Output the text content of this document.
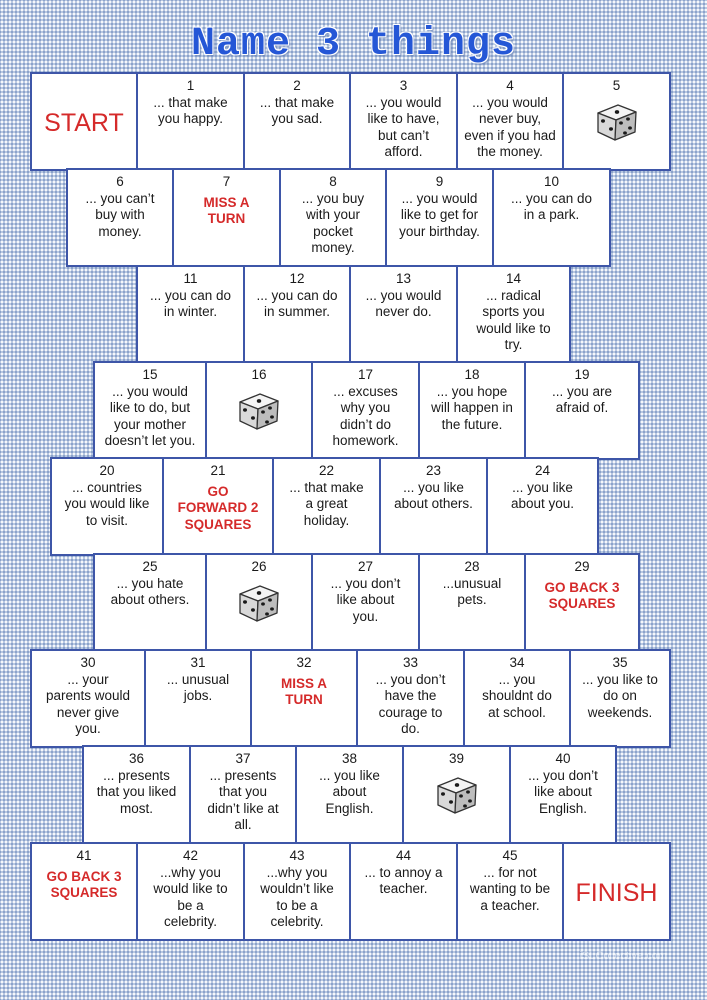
Name 3 things
START
1
... that make
you happy.
2
... that make
you sad.
3
... you would
like to have,
but can’t
afford.
4
... you would
never buy,
even if you had
the money.
5
6
... you can’t
buy with
money.
7
MISS A
TURN
8
... you buy
with your
pocket
money.
9
... you would
like to get for
your birthday.
10
... you can do
in a park.
11
... you can do
in winter.
12
... you can do
in summer.
13
... you would
never do.
14
... radical
sports you
would like to
try.
15
... you would
like to do, but
your mother
doesn’t let you.
16	17
... excuses
why you
didn’t do
homework.
18
... you hope
will happen in
the future.
19
... you are
afraid of.
20
... countries
you would like
to visit.
21
GO
FORWARD 2
SQUARES
22
... that make
a great
holiday.
23
... you like
about others.
24
... you like
about you.
25
... you hate
about others.
26	27
... you don’t
like about
you.
28
...unusual
pets.
29
GO BACK 3
SQUARES
30
... your
parents would
never give
you.
31
... unusual
jobs.
32
MISS A
TURN
33
... you don’t
have the
courage to
do.
34
... you
shouldnt do
at school.
35
... you like to
do on
weekends.
36
... presents
that you liked
most.
37
... presents
that you
didn’t like at
all.
38
... you like
about
English.
39	40
... you don’t
like about
English.
41
GO BACK 3
SQUARES
42
...why you
would like to
be a
celebrity.
43
...why you
wouldn’t like
to be a
celebrity.
44
... to annoy a
teacher.
45
... for not
wanting to be
a teacher.	FINISH
iSLCollective.com
